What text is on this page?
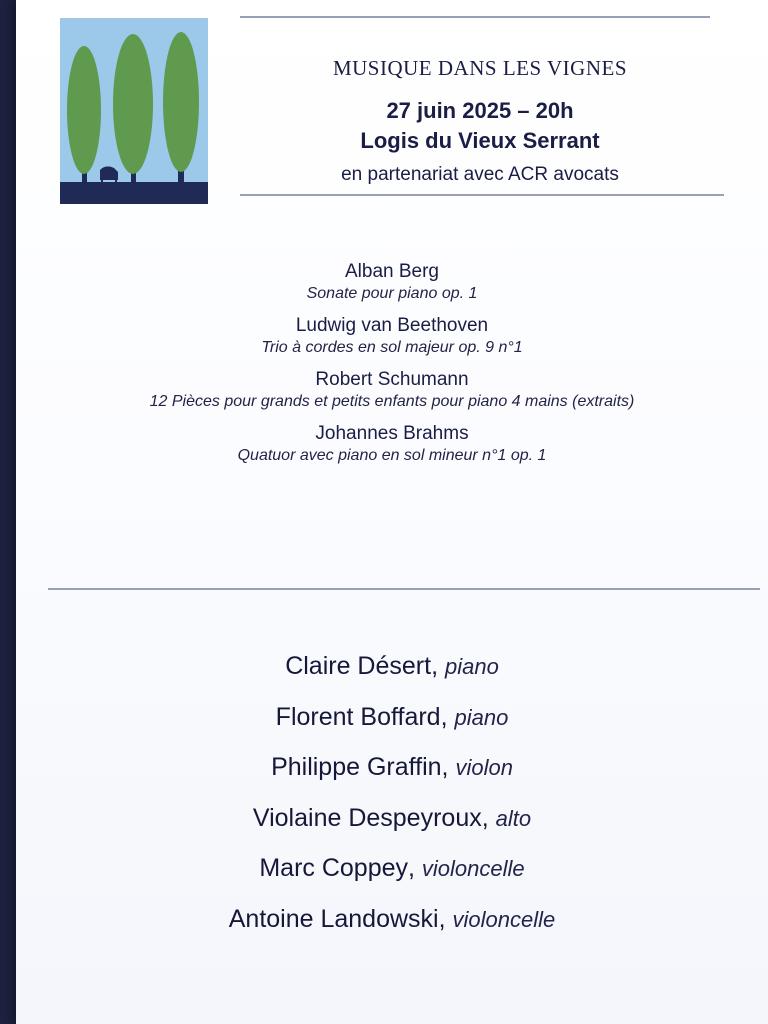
MUSIQUE DANS LES VIGNES
27 juin 2025 – 20h
Logis du Vieux Serrant
en partenariat avec ACR avocats
Alban Berg
Sonate pour piano op. 1
Ludwig van Beethoven
Trio à cordes en sol majeur op. 9 n°1
Robert Schumann
12 Pièces pour grands et petits enfants pour piano 4 mains (extraits)
Johannes Brahms
Quatuor avec piano en sol mineur n°1 op. 1
Claire Désert, piano
Florent Boffard, piano
Philippe Graffin, violon
Violaine Despeyroux, alto
Marc Coppey, violoncelle
Antoine Landowski, violoncelle
